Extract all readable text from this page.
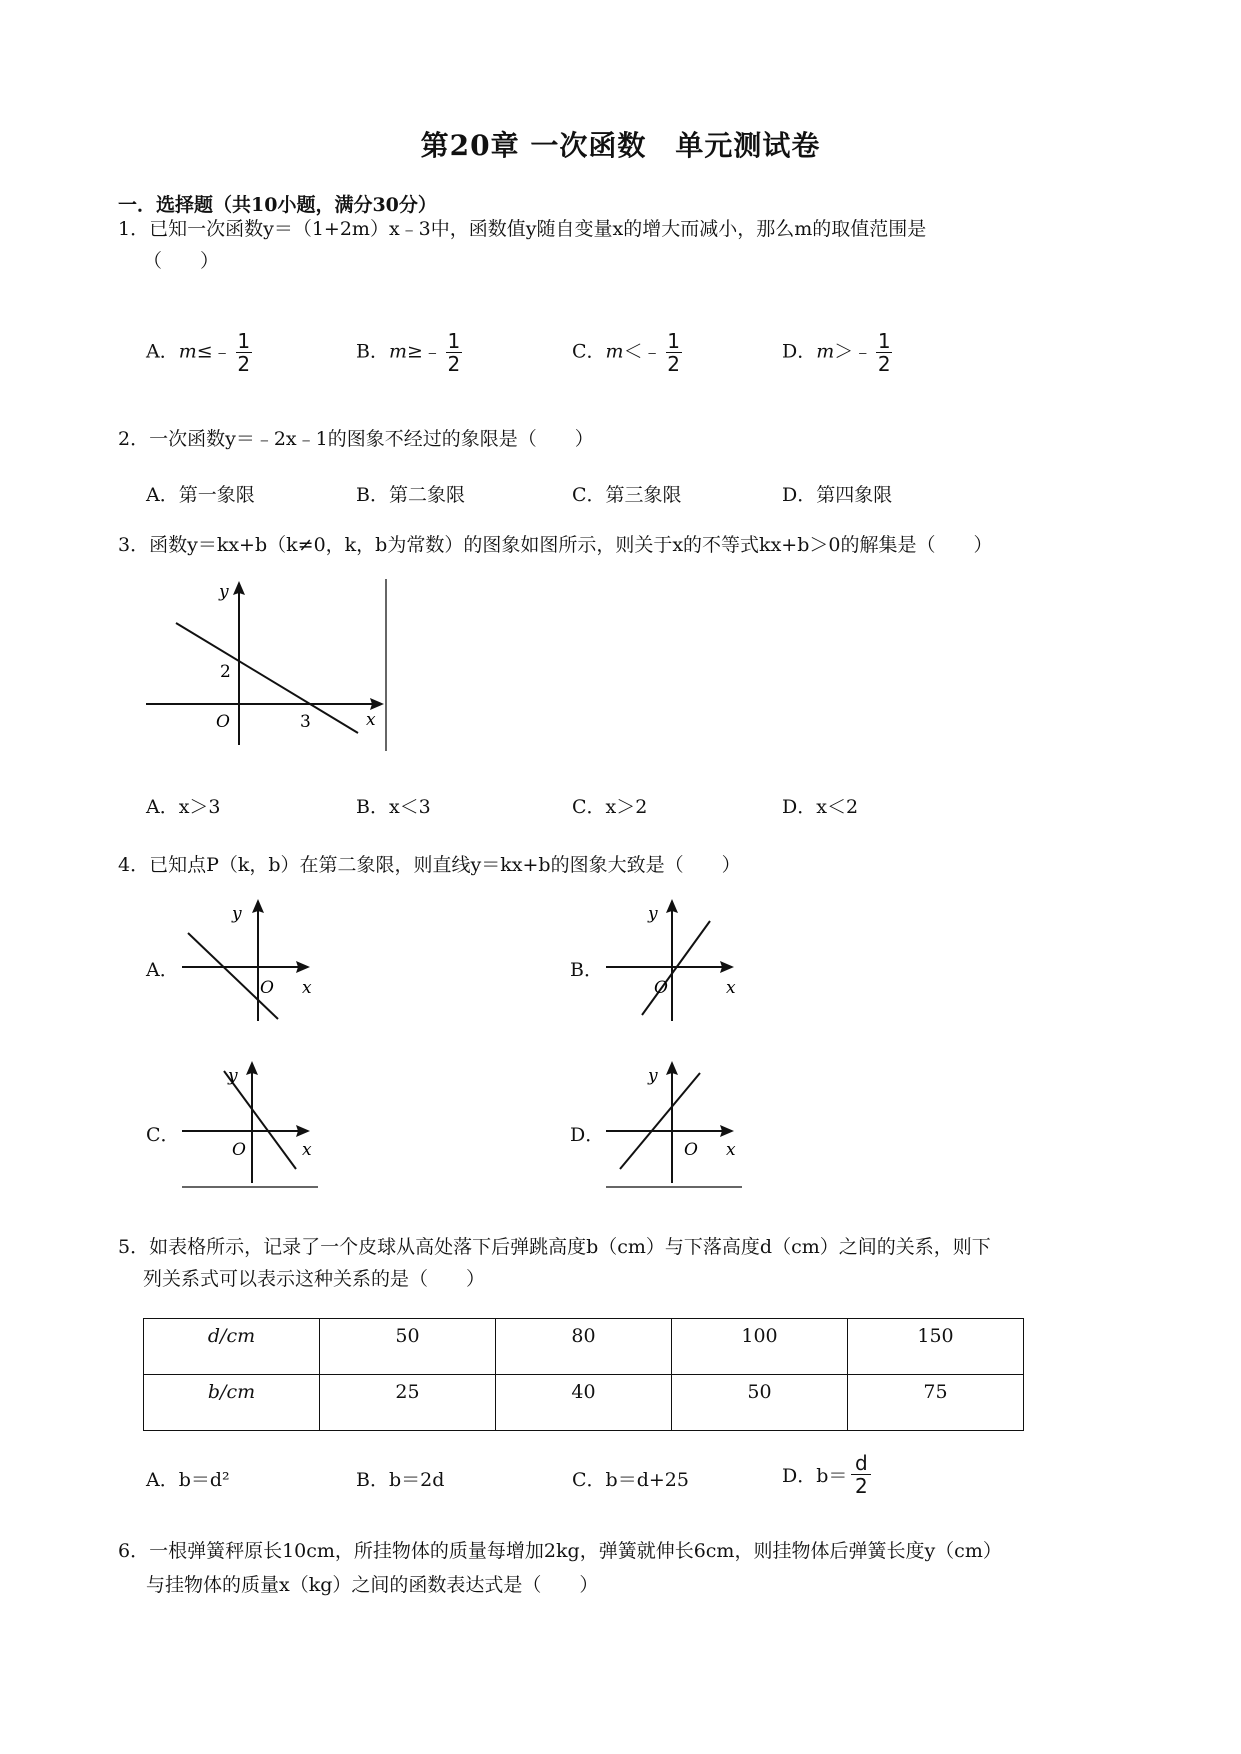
第20章 一次函数　单元测试卷
一．选择题（共10小题，满分30分）
1．已知一次函数y＝（1+2m）x﹣3中，函数值y随自变量x的增大而减小，那么m的取值范围是
（　　）
A．m≤﹣ $\frac{1}{2}$	B．m≥﹣ $\frac{1}{2}$	C．m＜﹣ $\frac{1}{2}$	D．m＞﹣ $\frac{1}{2}$
2．一次函数y＝﹣2x﹣1的图象不经过的象限是（　　）
A．第一象限	B．第二象限	C．第三象限	D．第四象限
3．函数y＝kx+b（k≠0，k，b为常数）的图象如图所示，则关于x的不等式kx+b＞0的解集是（　　）
y
x
O
2
3
A．x＞3	B．x＜3	C．x＞2	D．x＜2
4．已知点P（k，b）在第二象限，则直线y＝kx+b的图象大致是（　　）
A．
y
x
O
B．
y
x
O
C．
y
x
O
D．
y
x
O
5．如表格所示，记录了一个皮球从高处落下后弹跳高度b（cm）与下落高度d（cm）之间的关系，则下
列关系式可以表示这种关系的是（　　）
d/cm	50	80	100	150
b/cm	25	40	50	75
A．b＝d²	B．b＝2d	C．b＝d+25	D．$b= \frac{d}{2}$
6．一根弹簧秤原长10cm，所挂物体的质量每增加2kg，弹簧就伸长6cm，则挂物体后弹簧长度y（cm）
与挂物体的质量x（kg）之间的函数表达式是（　　）
